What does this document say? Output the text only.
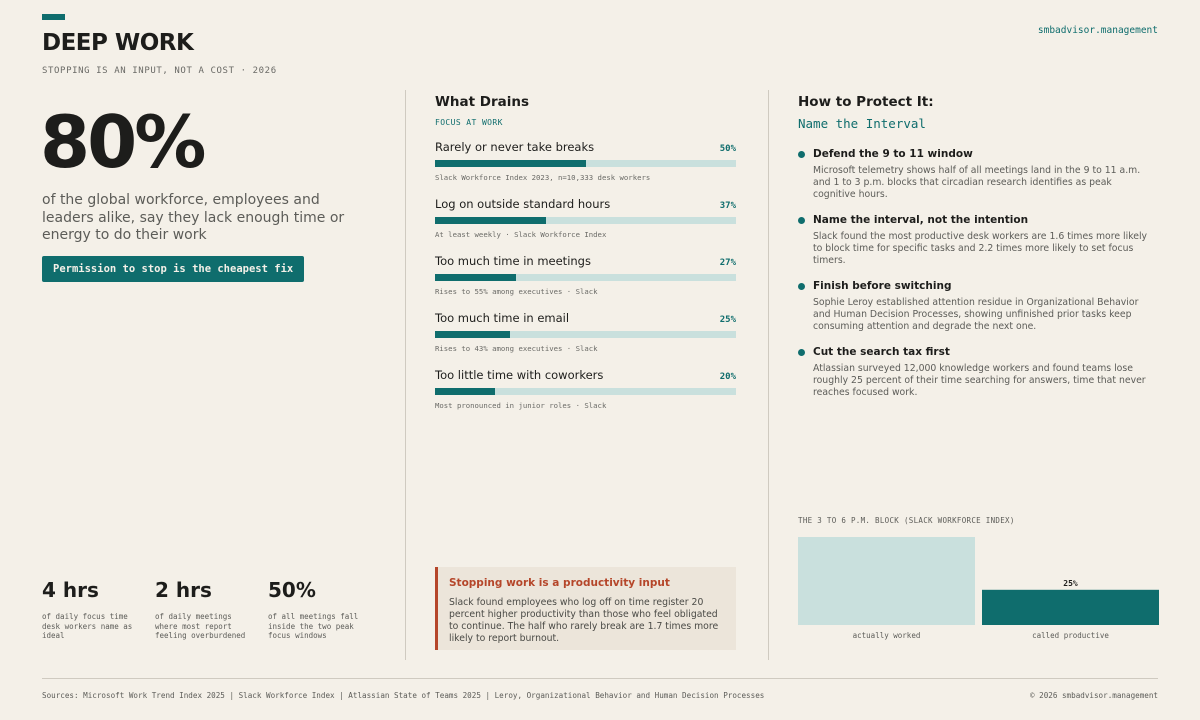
DEEP WORK
STOPPING IS AN INPUT, NOT A COST · 2026
smbadvisor.management
80%
of the global workforce, employees and leaders alike, say they lack enough time or energy to do their work
Permission to stop is the cheapest fix
4 hrs
of daily focus time desk workers name as ideal
2 hrs
of daily meetings where most report feeling overburdened
50%
of all meetings fall inside the two peak focus windows
What Drains
FOCUS AT WORK
Rarely or never take breaks	50%
Slack Workforce Index 2023, n=10,333 desk workers
Log on outside standard hours	37%
At least weekly · Slack Workforce Index
Too much time in meetings	27%
Rises to 55% among executives · Slack
Too much time in email	25%
Rises to 43% among executives · Slack
Too little time with coworkers	20%
Most pronounced in junior roles · Slack
Stopping work is a productivity input
Slack found employees who log off on time register 20 percent higher productivity than those who feel obligated to continue. The half who rarely break are 1.7 times more likely to report burnout.
How to Protect It:
Name the Interval
Defend the 9 to 11 window
Microsoft telemetry shows half of all meetings land in the 9 to 11 a.m. and 1 to 3 p.m. blocks that circadian research identifies as peak cognitive hours.
Name the interval, not the intention
Slack found the most productive desk workers are 1.6 times more likely to block time for specific tasks and 2.2 times more likely to set focus timers.
Finish before switching
Sophie Leroy established attention residue in Organizational Behavior and Human Decision Processes, showing unfinished prior tasks keep consuming attention and degrade the next one.
Cut the search tax first
Atlassian surveyed 12,000 knowledge workers and found teams lose roughly 25 percent of their time searching for answers, time that never reaches focused work.
THE 3 TO 6 P.M. BLOCK (SLACK WORKFORCE INDEX)
actually worked
25%
called productive
Sources: Microsoft Work Trend Index 2025 | Slack Workforce Index | Atlassian State of Teams 2025 | Leroy, Organizational Behavior and Human Decision Processes	© 2026 smbadvisor.management
